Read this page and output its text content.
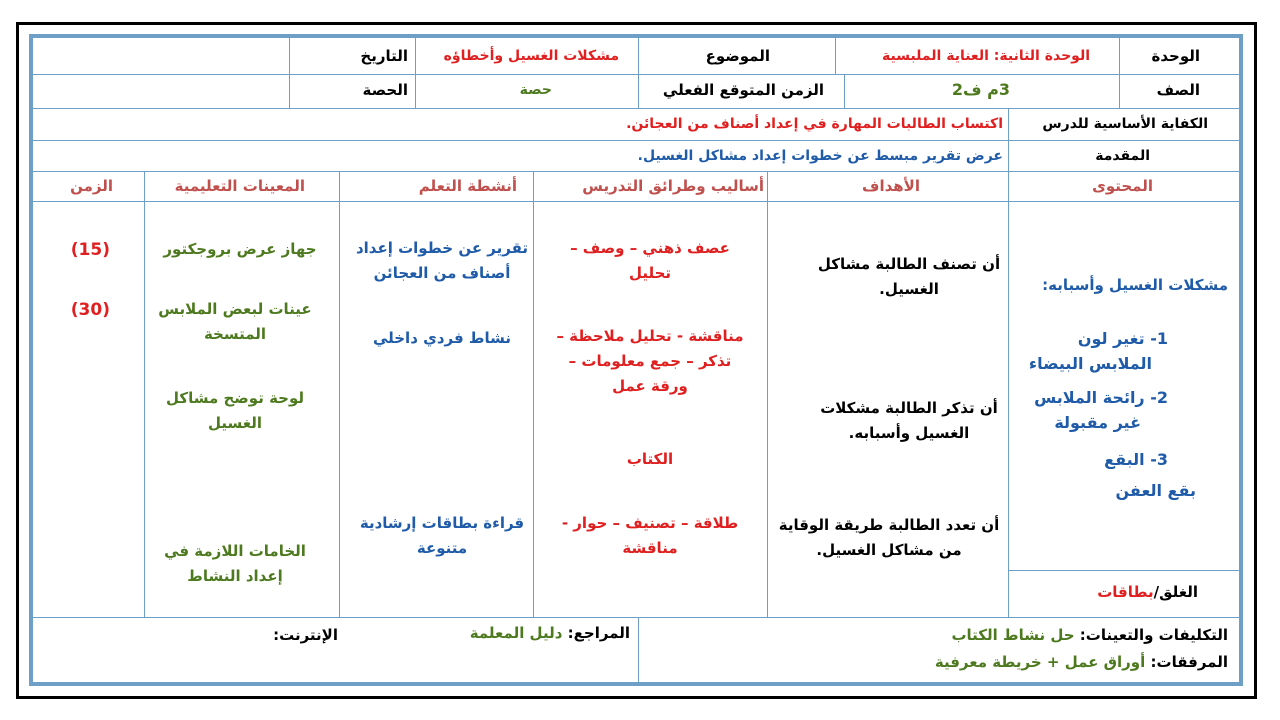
الوحدة
الوحدة الثانية: العناية الملبسية
الموضوع
مشكلات الغسيل وأخطاؤه
التاريخ
الصف
3م ف2
الزمن المتوقع الفعلي
حصة
الحصة
الكفاية الأساسية للدرس
اكتساب الطالبات المهارة في إعداد أصناف من العجائن.
المقدمة
عرض تقرير مبسط عن خطوات إعداد مشاكل الغسيل.
المحتوى
الأهداف
أساليب وطرائق التدريس
أنشطة التعلم
المعينات التعليمية
الزمن
مشكلات الغسيل وأسبابه:
1- تغير لون
الملابس البيضاء
2- رائحة الملابس
غير مقبولة
3- البقع
بقع العفن
الغلق/بطاقات
أن تصنف الطالبة مشاكل الغسيل.
أن تذكر الطالبة مشكلات الغسيل وأسبابه.
أن تعدد الطالبة طريقة الوقاية من مشاكل الغسيل.
عصف ذهني – وصف – تحليل
مناقشة - تحليل ملاحظة – تذكر – جمع معلومات – ورقة عمل
الكتاب
طلاقة – تصنيف – حوار - مناقشة
تقرير عن خطوات إعداد أصناف من العجائن
نشاط فردي داخلي
قراءة بطاقات إرشادية متنوعة
جهاز عرض بروجكتور
عينات لبعض الملابس المتسخة
لوحة توضح مشاكل الغسيل
الخامات اللازمة في إعداد النشاط
(15)
(30)
التكليفات والتعينات: حل نشاط الكتاب
المرفقات: أوراق عمل + خريطة معرفية
المراجع: دليل المعلمة
الإنترنت:
